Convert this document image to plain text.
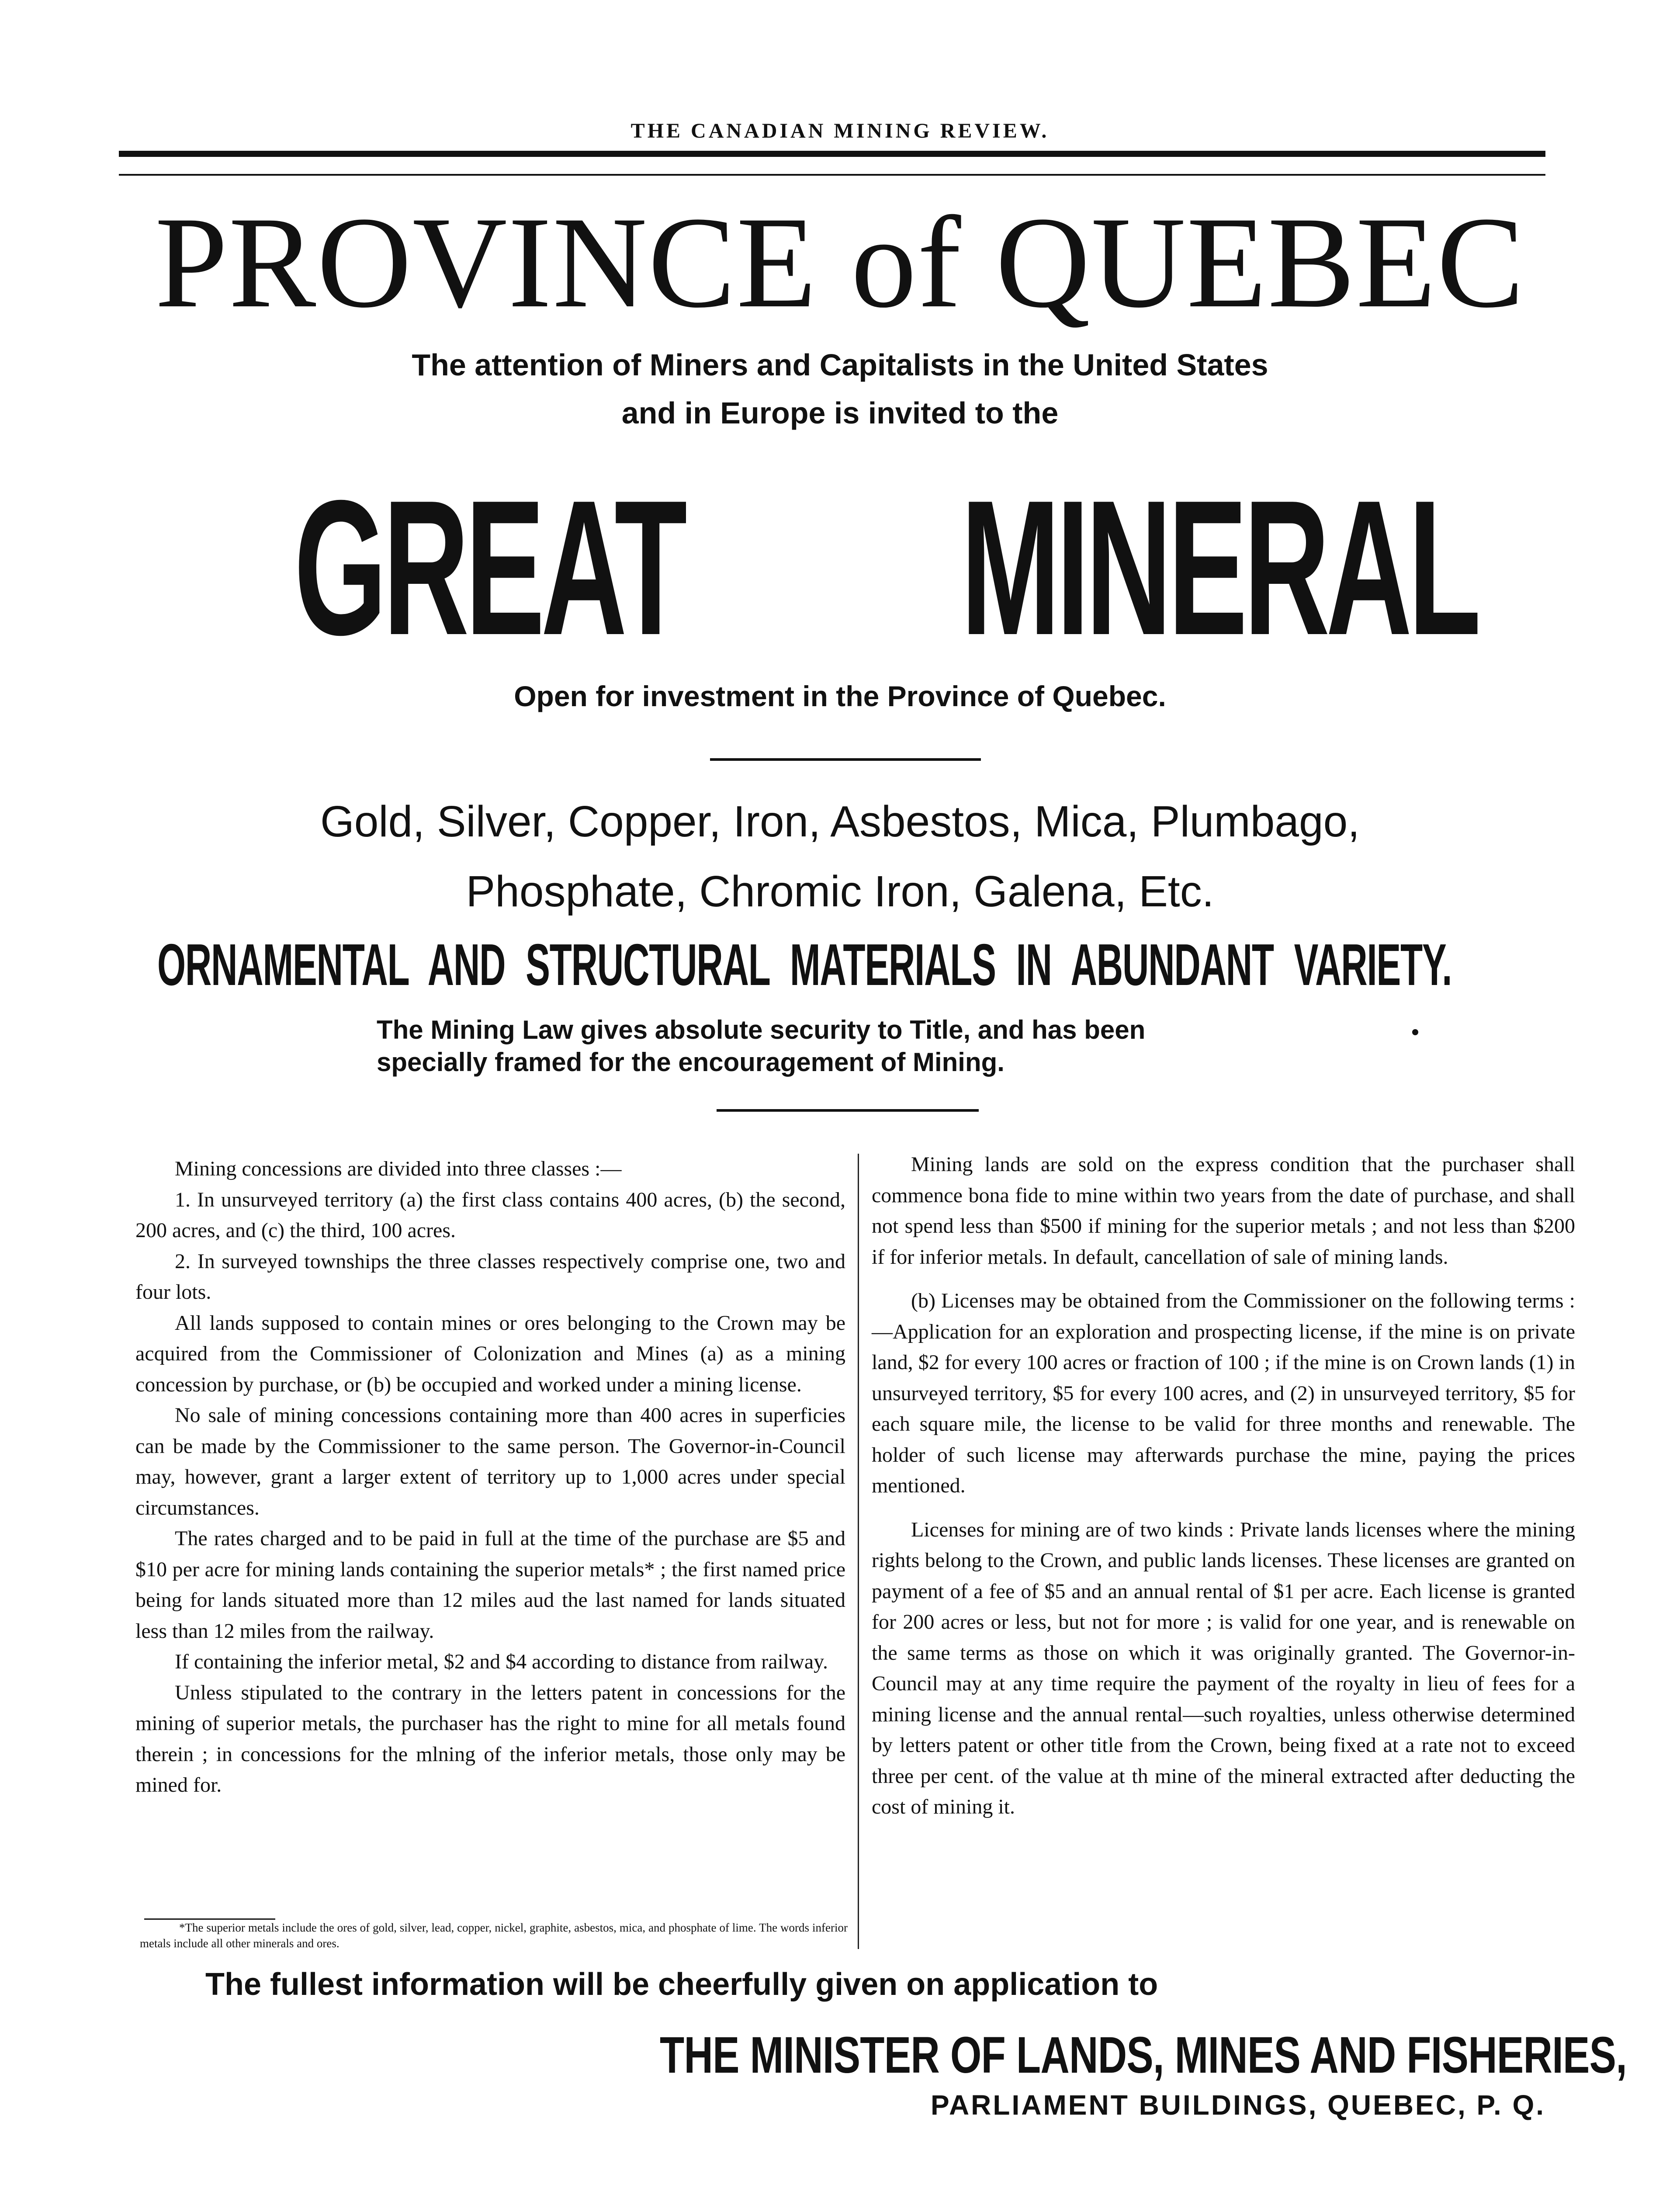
THE CANADIAN MINING REVIEW.
PROVINCE of QUEBEC
The attention of Miners and Capitalists in the United States
and in Europe is invited to the
GREAT MINERAL
Open for investment in the Province of Quebec.
Gold, Silver, Copper, Iron, Asbestos, Mica, Plumbago,
Phosphate, Chromic Iron, Galena, Etc.
ORNAMENTAL AND STRUCTURAL MATERIALS IN ABUNDANT VARIETY.
The Mining Law gives absolute security to Title, and has been
specially framed for the encouragement of Mining.

Mining concessions are divided into three classes :—

1. In unsurveyed territory (a) the first class contains 400 acres, (b) the second, 200 acres, and (c) the third, 100 acres.

2. In surveyed townships the three classes respectively comprise one, two and four lots.

All lands supposed to contain mines or ores belonging to the Crown may be acquired from the Commissioner of Colonization and Mines (a) as a mining concession by purchase, or (b) be occupied and worked under a mining license.

No sale of mining concessions containing more than 400 acres in superficies can be made by the Commissioner to the same person. The Governor-in-Council may, however, grant a larger extent of territory up to 1,000 acres under special circumstances.

The rates charged and to be paid in full at the time of the purchase are $5 and $10 per acre for mining lands containing the superior metals* ; the first named price being for lands situated more than 12 miles aud the last named for lands situated less than 12 miles from the railway.

If containing the inferior metal, $2 and $4 according to distance from railway.

Unless stipulated to the contrary in the letters patent in concessions for the mining of superior metals, the purchaser has the right to mine for all metals found therein ; in concessions for the mlning of the inferior metals, those only may be mined for.

*The superior metals include the ores of gold, silver, lead, copper, nickel, graphite, asbestos, mica, and phosphate of lime. The words inferior metals include all other minerals and ores.

Mining lands are sold on the express condition that the purchaser shall commence bona fide to mine within two years from the date of purchase, and shall not spend less than $500 if mining for the superior metals ; and not less than $200 if for inferior metals. In default, cancellation of sale of mining lands.

(b) Licenses may be obtained from the Commissioner on the following terms :—Application for an exploration and prospecting license, if the mine is on private land, $2 for every 100 acres or fraction of 100 ; if the mine is on Crown lands (1) in unsurveyed territory, $5 for every 100 acres, and (2) in unsurveyed territory, $5 for each square mile, the license to be valid for three months and renewable. The holder of such license may afterwards purchase the mine, paying the prices mentioned.

Licenses for mining are of two kinds : Private lands licenses where the mining rights belong to the Crown, and public lands licenses. These licenses are granted on payment of a fee of $5 and an annual rental of $1 per acre. Each license is granted for 200 acres or less, but not for more ; is valid for one year, and is renewable on the same terms as those on which it was originally granted. The Governor-in-Council may at any time require the payment of the royalty in lieu of fees for a mining license and the annual rental—such royalties, unless otherwise determined by letters patent or other title from the Crown, being fixed at a rate not to exceed three per cent. of the value at th mine of the mineral extracted after deducting the cost of mining it.

The fullest information will be cheerfully given on application to
THE MINISTER OF LANDS, MINES AND FISHERIES,
PARLIAMENT BUILDINGS, QUEBEC, P. Q.
